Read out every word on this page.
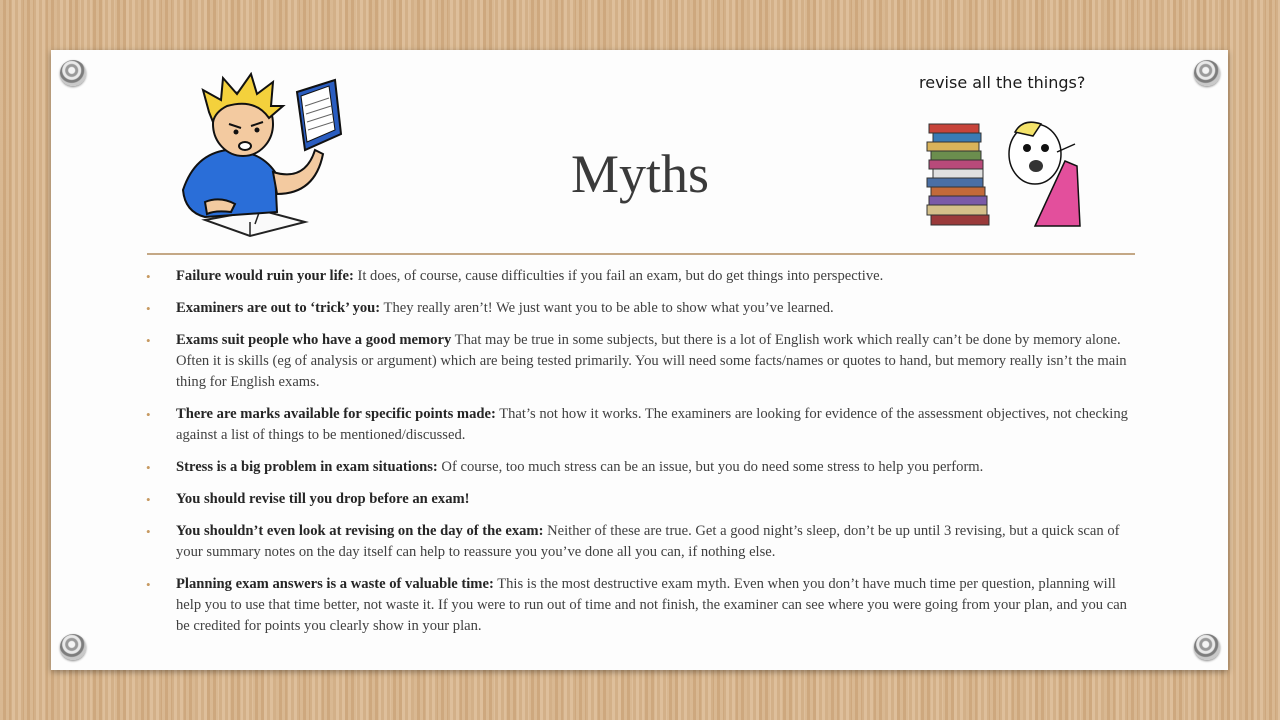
revise all the things?
Myths
• Failure would ruin your life: It does, of course, cause difficulties if you fail an exam, but do get things into perspective.
• Examiners are out to ‘trick’ you: They really aren’t! We just want you to be able to show what you’ve learned.
• Exams suit people who have a good memory That may be true in some subjects, but there is a lot of English work which really can’t be done by memory alone. Often it is skills (eg of analysis or argument) which are being tested primarily. You will need some facts/names or quotes to hand, but memory really isn’t the main thing for English exams.
• There are marks available for specific points made: That’s not how it works. The examiners are looking for evidence of the assessment objectives, not checking against a list of things to be mentioned/discussed.
• Stress is a big problem in exam situations: Of course, too much stress can be an issue, but you do need some stress to help you perform.
• You should revise till you drop before an exam!
• You shouldn’t even look at revising on the day of the exam: Neither of these are true. Get a good night’s sleep, don’t be up until 3 revising, but a quick scan of your summary notes on the day itself can help to reassure you you’ve done all you can, if nothing else.
• Planning exam answers is a waste of valuable time: This is the most destructive exam myth. Even when you don’t have much time per question, planning will help you to use that time better, not waste it. If you were to run out of time and not finish, the examiner can see where you were going from your plan, and you can be credited for points you clearly show in your plan.
